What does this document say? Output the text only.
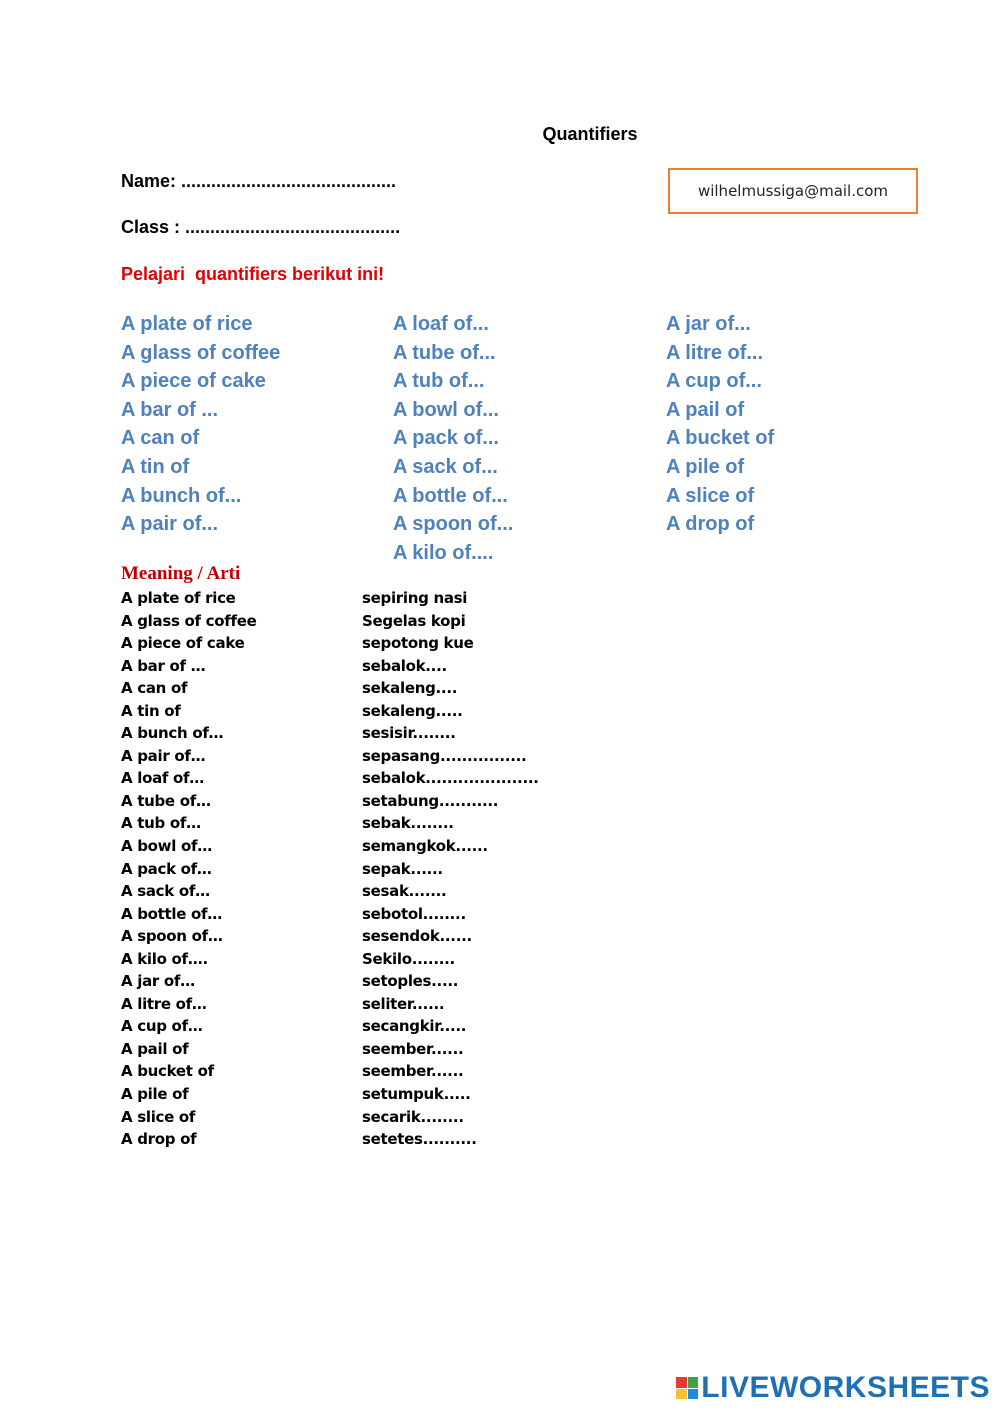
Quantifiers
Name: ...........................................
Class : ...........................................
wilhelmussiga@mail.com
Pelajari  quantifiers berikut ini!
A plate of rice
A glass of coffee
A piece of cake
A bar of ...
A can of
A tin of
A bunch of...
A pair of...
A loaf of...
A tube of...
A tub of...
A bowl of...
A pack of...
A sack of...
A bottle of...
A spoon of...
A kilo of....
A jar of...
A litre of...
A cup of...
A pail of
A bucket of
A pile of
A slice of
A drop of
Meaning / Arti
A plate of rice	sepiring nasi
A glass of coffee	Segelas kopi
A piece of cake	sepotong kue
A bar of …	sebalok....
A can of	sekaleng....
A tin of	sekaleng.....
A bunch of…	sesisir........
A pair of…	sepasang................
A loaf of…	sebalok.....................
A tube of…	setabung...........
A tub of…	sebak........
A bowl of…	semangkok......
A pack of…	sepak......
A sack of…	sesak.......
A bottle of…	sebotol........
A spoon of…	sesendok......
A kilo of….	Sekilo........
A jar of…	setoples.....
A litre of…	seliter......
A cup of…	secangkir.....
A pail of	seember......
A bucket of	seember......
A pile of	setumpuk.....
A slice of	secarik........
A drop of	setetes..........
LIVEWORKSHEETS
